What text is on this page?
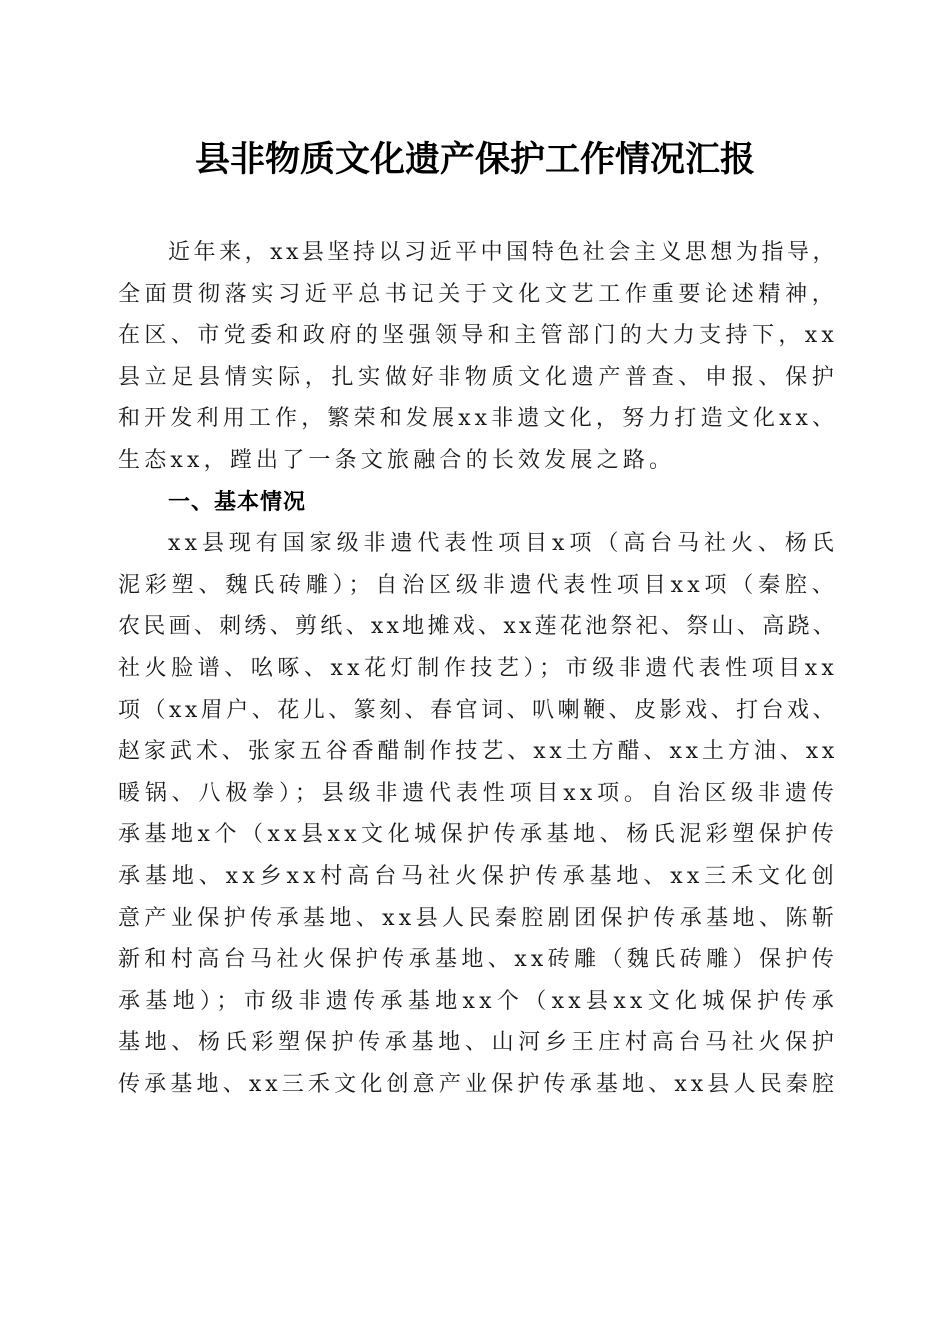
县非物质文化遗产保护工作情况汇报
近年来，xx县坚持以习近平中国特色社会主义思想为指导，
全面贯彻落实习近平总书记关于文化文艺工作重要论述精神，
在区、市党委和政府的坚强领导和主管部门的大力支持下，xx
县立足县情实际，扎实做好非物质文化遗产普查、申报、保护
和开发利用工作，繁荣和发展xx非遗文化，努力打造文化xx、
生态xx，蹚出了一条文旅融合的长效发展之路。
一、基本情况
xx县现有国家级非遗代表性项目x项（高台马社火、杨氏
泥彩塑、魏氏砖雕）；自治区级非遗代表性项目xx项（秦腔、
农民画、刺绣、剪纸、xx地摊戏、xx莲花池祭祀、祭山、高跷、
社火脸谱、吆啄、xx花灯制作技艺）；市级非遗代表性项目xx
项（xx眉户、花儿、篆刻、春官词、叭喇鞭、皮影戏、打台戏、
赵家武术、张家五谷香醋制作技艺、xx土方醋、xx土方油、xx
暖锅、八极拳）；县级非遗代表性项目xx项。自治区级非遗传
承基地x个（xx县xx文化城保护传承基地、杨氏泥彩塑保护传
承基地、xx乡xx村高台马社火保护传承基地、xx三禾文化创
意产业保护传承基地、xx县人民秦腔剧团保护传承基地、陈靳
新和村高台马社火保护传承基地、xx砖雕（魏氏砖雕）保护传
承基地）；市级非遗传承基地xx个（xx县xx文化城保护传承
基地、杨氏彩塑保护传承基地、山河乡王庄村高台马社火保护
传承基地、xx三禾文化创意产业保护传承基地、xx县人民秦腔
